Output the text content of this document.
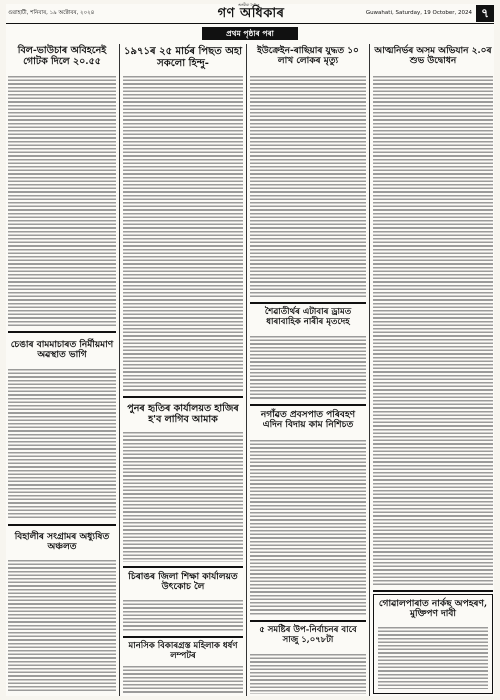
গুৱাহাটী, শনিবাৰ, ১৯ অক্টোবৰ, ২০২৪
অসমীয়া দৈনিক
গণ অধিকাৰ	Guwahati, Saturday, 19 October, 2024 ৭
প্ৰথম পৃষ্ঠাৰ পৰা
বিল-ভাউচাৰ অবিহনেই গোটক দিলে ২০.৫৫
চেঙাৰ বামমাচাৰত নিৰ্মীয়মাণ অৱস্থাত ভাগি
বিহালীৰ সংগ্ৰামৰ অধ্যুষিত অঞ্চলত
১৯৭১ৰ ২৫ মাৰ্চৰ পিছত অহা সকলো হিন্দু-
পুনৰ হৃতিৰ কাৰ্যালয়ত হাজিৰ হ'ব লাগিব আমাক
চিৰাঙৰ জিলা শিক্ষা কাৰ্যালয়ত উৎকোচ লৈ
মানসিক বিকাৰগ্ৰস্ত মহিলাক ধৰ্ষণ লম্পটৰ
ইউক্ৰেইন-ৰাছিয়াৰ যুদ্ধত ১০ লাখ লোকৰ মৃত্যু
শৈৱাতীৰ্থৰ এটাবাৰ ড্ৰামত ধাৰাবাহিক নাৰীৰ মৃতদেহ
নগাঁৱত প্ৰবসপাত পৰিবহণ এদিন বিদায় কাম নিশিচত
৫ সমষ্টিৰ উপ-নিৰ্বাচনৰ বাবে সাজু ১,০৭৮টা
আত্মনিৰ্ভৰ অসম অভিযান ২.০ৰ শুভ উদ্বোধন
গোৱালপাৰাত নাৰ্কছ অপহৰণ, মুক্তিপণ দাবী
